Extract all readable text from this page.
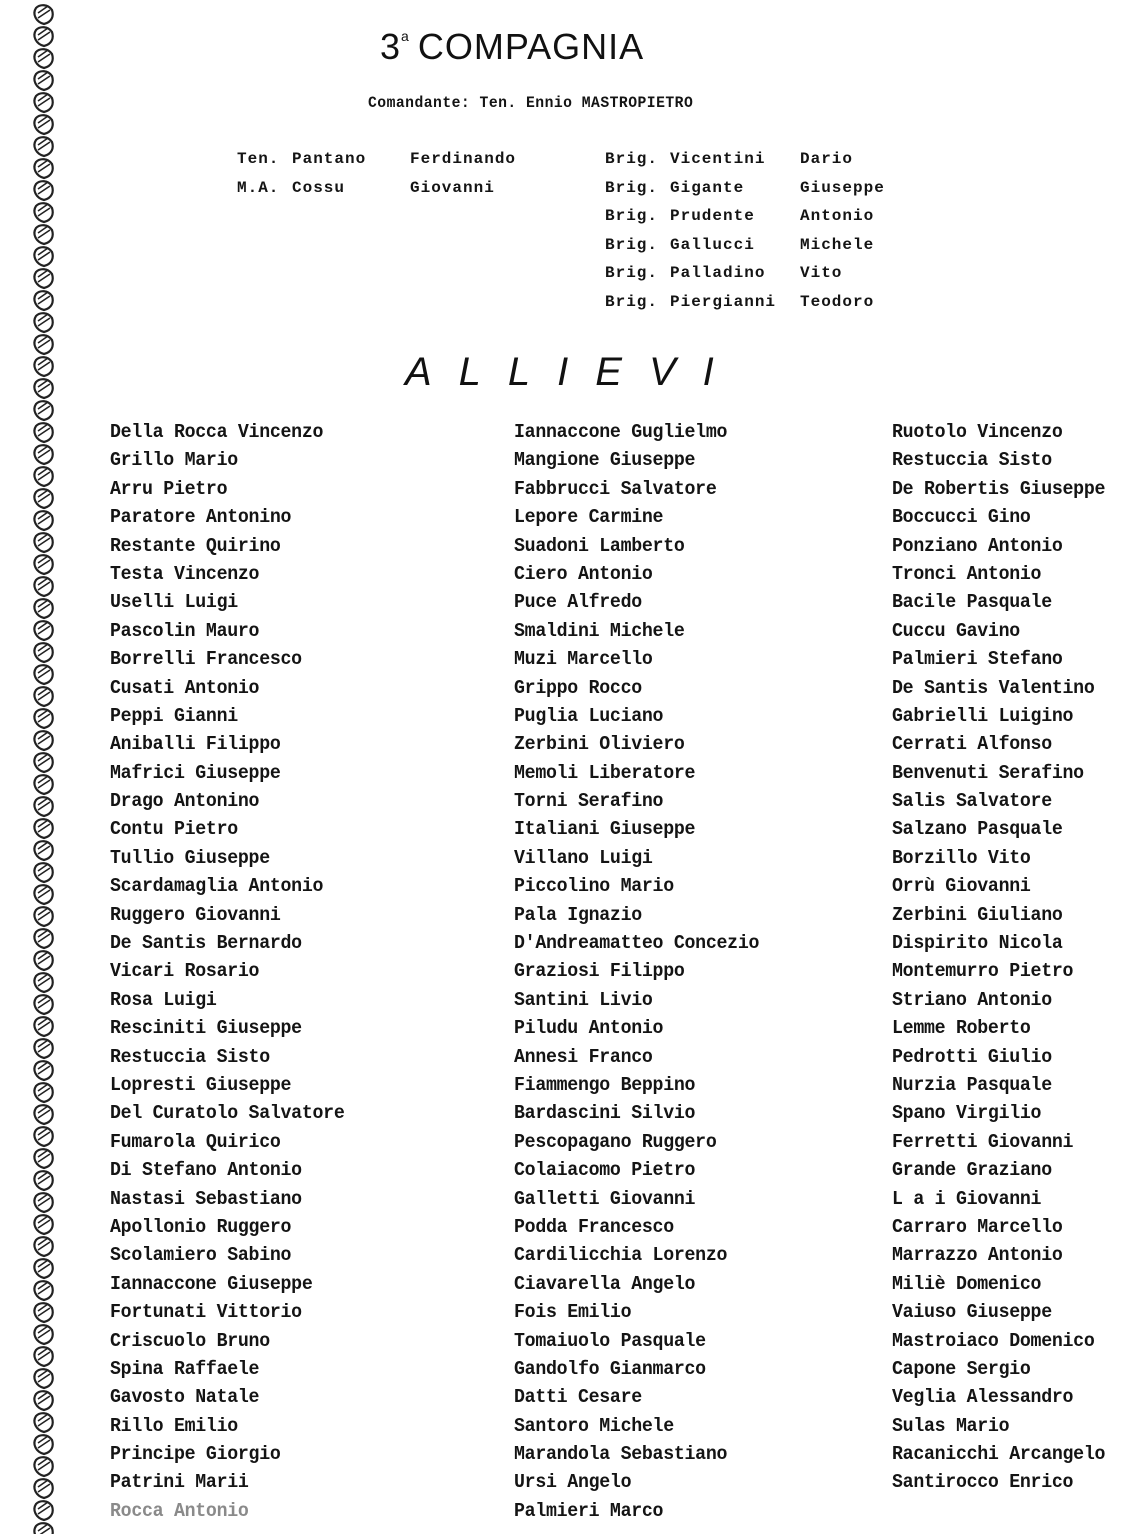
3$^a$ COMPAGNIA
Comandante: Ten. Ennio MASTROPIETRO
Ten. Pantano	Ferdinando
M.A. Cossu	Giovanni
Brig. Vicentini Dario
Brig. Gigante	Giuseppe
Brig. Prudente	Antonio
Brig. Gallucci	Michele
Brig. Palladino Vito
Brig. Piergianni Teodoro
ALLIEVI
Della Rocca Vincenzo
Grillo Mario
Arru Pietro
Paratore Antonino
Restante Quirino
Testa Vincenzo
Uselli Luigi
Pascolin Mauro
Borrelli Francesco
Cusati Antonio
Peppi Gianni
Aniballi Filippo
Mafrici Giuseppe
Drago Antonino
Contu Pietro
Tullio Giuseppe
Scardamaglia Antonio
Ruggero Giovanni
De Santis Bernardo
Vicari Rosario
Rosa Luigi
Resciniti Giuseppe
Restuccia Sisto
Lopresti Giuseppe
Del Curatolo Salvatore
Fumarola Quirico
Di Stefano Antonio
Nastasi Sebastiano
Apollonio Ruggero
Scolamiero Sabino
Iannaccone Giuseppe
Fortunati Vittorio
Criscuolo Bruno
Spina Raffaele
Gavosto Natale
Rillo Emilio
Principe Giorgio
Patrini Marii
Rocca Antonio
Iannaccone Guglielmo
Mangione Giuseppe
Fabbrucci Salvatore
Lepore Carmine
Suadoni Lamberto
Ciero Antonio
Puce Alfredo
Smaldini Michele
Muzi Marcello
Grippo Rocco
Puglia Luciano
Zerbini Oliviero
Memoli Liberatore
Torni Serafino
Italiani Giuseppe
Villano Luigi
Piccolino Mario
Pala Ignazio
D'Andreamatteo Concezio
Graziosi Filippo
Santini Livio
Piludu Antonio
Annesi Franco
Fiammengo Beppino
Bardascini Silvio
Pescopagano Ruggero
Colaiacomo Pietro
Galletti Giovanni
Podda Francesco
Cardilicchia Lorenzo
Ciavarella Angelo
Fois Emilio
Tomaiuolo Pasquale
Gandolfo Gianmarco
Datti Cesare
Santoro Michele
Marandola Sebastiano
Ursi Angelo
Palmieri Marco
Ruotolo Vincenzo
Restuccia Sisto
De Robertis Giuseppe
Boccucci Gino
Ponziano Antonio
Tronci Antonio
Bacile Pasquale
Cuccu Gavino
Palmieri Stefano
De Santis Valentino
Gabrielli Luigino
Cerrati Alfonso
Benvenuti Serafino
Salis Salvatore
Salzano Pasquale
Borzillo Vito
Orrù Giovanni
Zerbini Giuliano
Dispirito Nicola
Montemurro Pietro
Striano Antonio
Lemme Roberto
Pedrotti Giulio
Nurzia Pasquale
Spano Virgilio
Ferretti Giovanni
Grande Graziano
L a i Giovanni
Carraro Marcello
Marrazzo Antonio
Miliè Domenico
Vaiuso Giuseppe
Mastroiaco Domenico
Capone Sergio
Veglia Alessandro
Sulas Mario
Racanicchi Arcangelo
Santirocco Enrico
